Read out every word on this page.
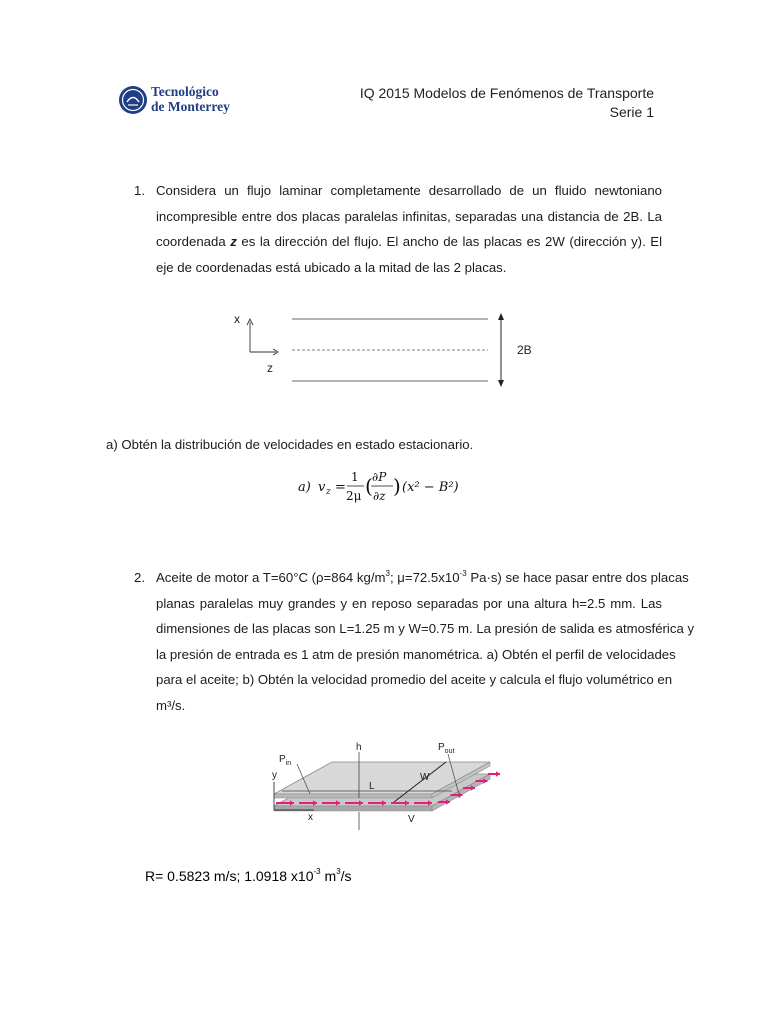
Tecnológico
de Monterrey
IQ 2015 Modelos de Fenómenos de Transporte
Serie 1
1. Considera un flujo laminar completamente desarrollado de un fluido newtoniano
incompresible entre dos placas paralelas infinitas, separadas una distancia de 2B. La
coordenada z es la dirección del flujo. El ancho de las placas es 2W (dirección y). El
eje de coordenadas está ubicado a la mitad de las 2 placas.
x
z
2B
a) Obtén la distribución de velocidades en estado estacionario.
a) v z =
1
2μ ( ∂P
∂z ) (x² − B²)
2. Aceite de motor a T=60°C (ρ=864 $kg/m^3$; $\mu=72.5x10^{-3}$ Pa·s) se hace pasar entre dos placas
planas paralelas muy grandes y en reposo separadas por una altura h=2.5 mm. Las
dimensiones de las placas son L=1.25 m y W=0.75 m. La presión de salida es atmosférica y
la presión de entrada es 1 atm de presión manométrica. a) Obtén el perfil de velocidades
para el aceite; b) Obtén la velocidad promedio del aceite y calcula el flujo volumétrico en
m³/s.
y
x
h
L
W
$P_{in}$
$P_{out}$
V
R= 0.5823 m/s; 1.0918 $x10^{-3}$ $m^3/s$
